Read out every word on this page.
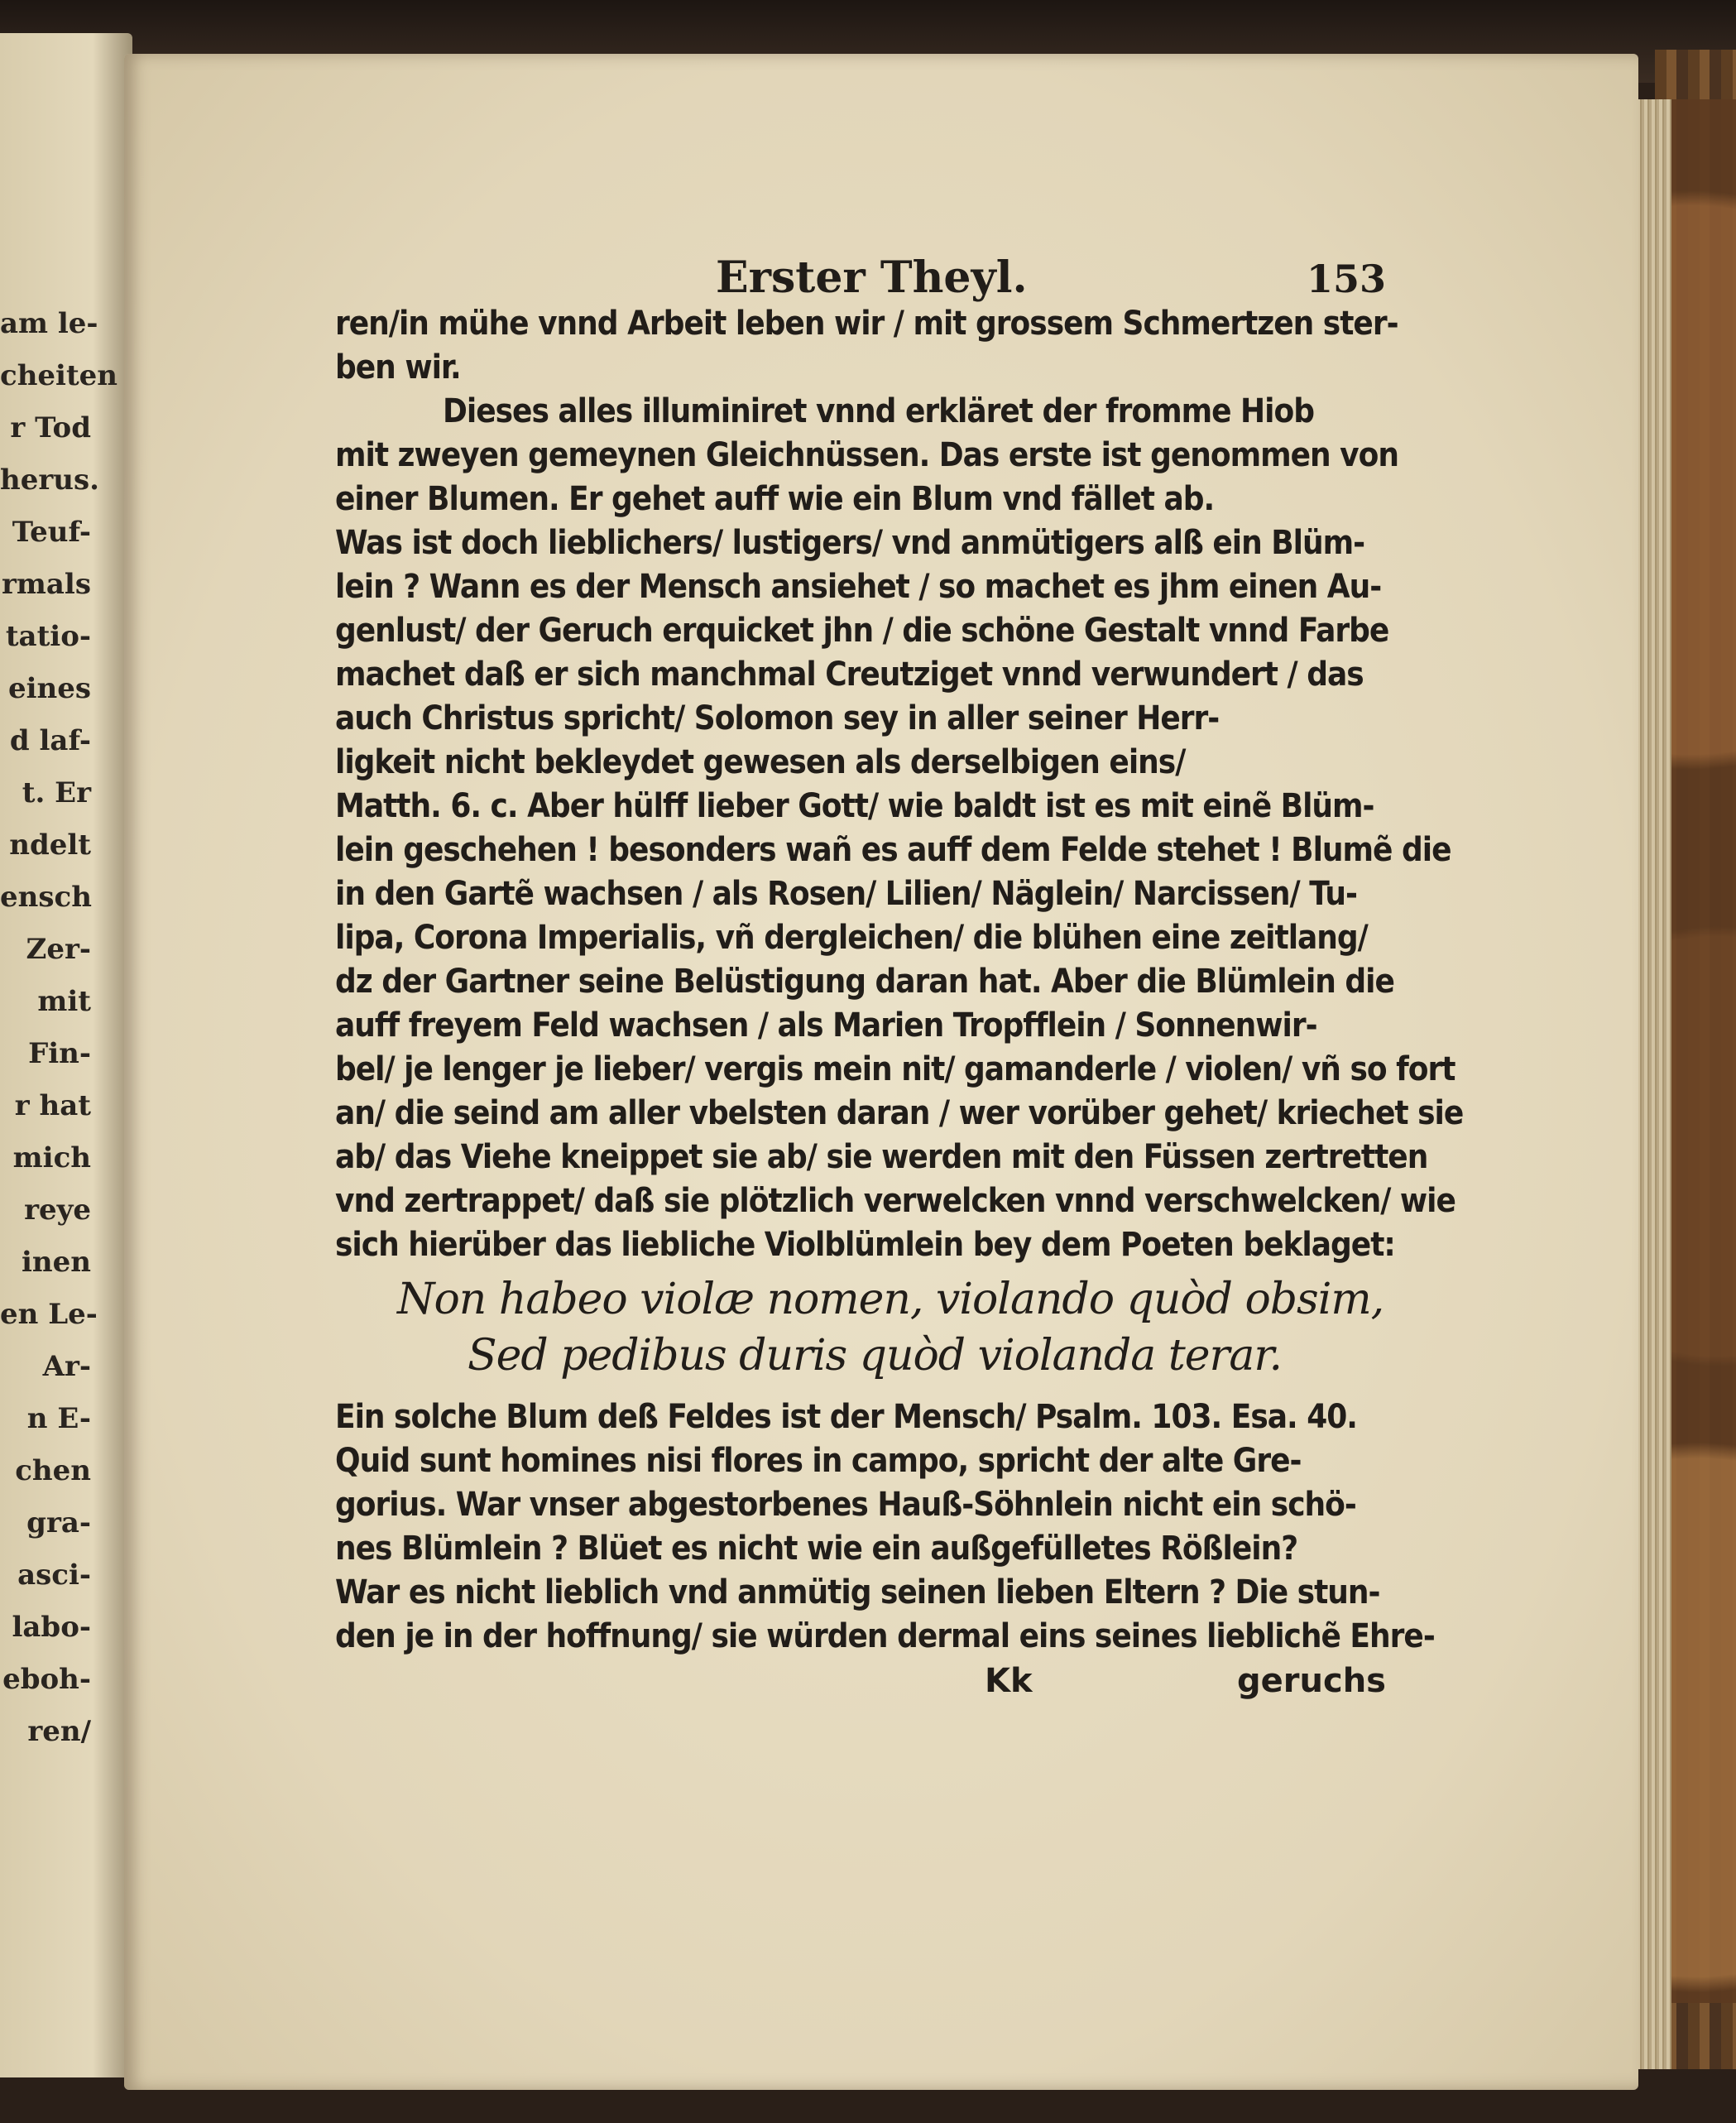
am le-
cheiten
r Tod
herus.
Teuf-
rmals
tatio-
eines
d laf-
t. Er
ndelt
ensch
Zer-
mit
Fin-
r hat
mich
reye
inen
en Le-
Ar-
n E-
chen
gra-
asci-
labo-
eboh-
ren/
Erster Theyl.	153
ren/in mühe vnnd Arbeit leben wir / mit grossem Schmertzen ster-
ben wir.
Dieses alles illuminiret vnnd erkläret der fromme Hiob
mit zweyen gemeynen Gleichnüssen. Das erste ist genommen von
einer Blumen. Er gehet auff wie ein Blum vnd fället ab.
Was ist doch lieblichers/ lustigers/ vnd anmütigers alß ein Blüm-
lein ? Wann es der Mensch ansiehet / so machet es jhm einen Au-
genlust/ der Geruch erquicket jhn / die schöne Gestalt vnnd Farbe
machet daß er sich manchmal Creutziget vnnd verwundert / das
auch Christus spricht/ Solomon sey in aller seiner Herr-
ligkeit nicht bekleydet gewesen als derselbigen eins/
Matth. 6. c. Aber hülff lieber Gott/ wie baldt ist es mit einẽ Blüm-
lein geschehen ! besonders wañ es auff dem Felde stehet ! Blumẽ die
in den Gartẽ wachsen / als Rosen/ Lilien/ Näglein/ Narcissen/ Tu-
lipa, Corona Imperialis, vñ dergleichen/ die blühen eine zeitlang/
dz der Gartner seine Belüstigung daran hat. Aber die Blümlein die
auff freyem Feld wachsen / als Marien Tropfflein / Sonnenwir-
bel/ je lenger je lieber/ vergis mein nit/ gamanderle / violen/ vñ so fort
an/ die seind am aller vbelsten daran / wer vorüber gehet/ kriechet sie
ab/ das Viehe kneippet sie ab/ sie werden mit den Füssen zertretten
vnd zertrappet/ daß sie plötzlich verwelcken vnnd verschwelcken/ wie
sich hierüber das liebliche Violblümlein bey dem Poeten beklaget:
Non habeo violæ nomen, violando quòd obsim,
Sed pedibus duris quòd violanda terar.
Ein solche Blum deß Feldes ist der Mensch/ Psalm. 103. Esa. 40.
Quid sunt homines nisi flores in campo, spricht der alte Gre-
gorius. War vnser abgestorbenes Hauß-Söhnlein nicht ein schö-
nes Blümlein ? Blüet es nicht wie ein außgefülletes Rößlein?
War es nicht lieblich vnd anmütig seinen lieben Eltern ? Die stun-
den je in der hoffnung/ sie würden dermal eins seines lieblichẽ Ehre-
Kk	geruchs
